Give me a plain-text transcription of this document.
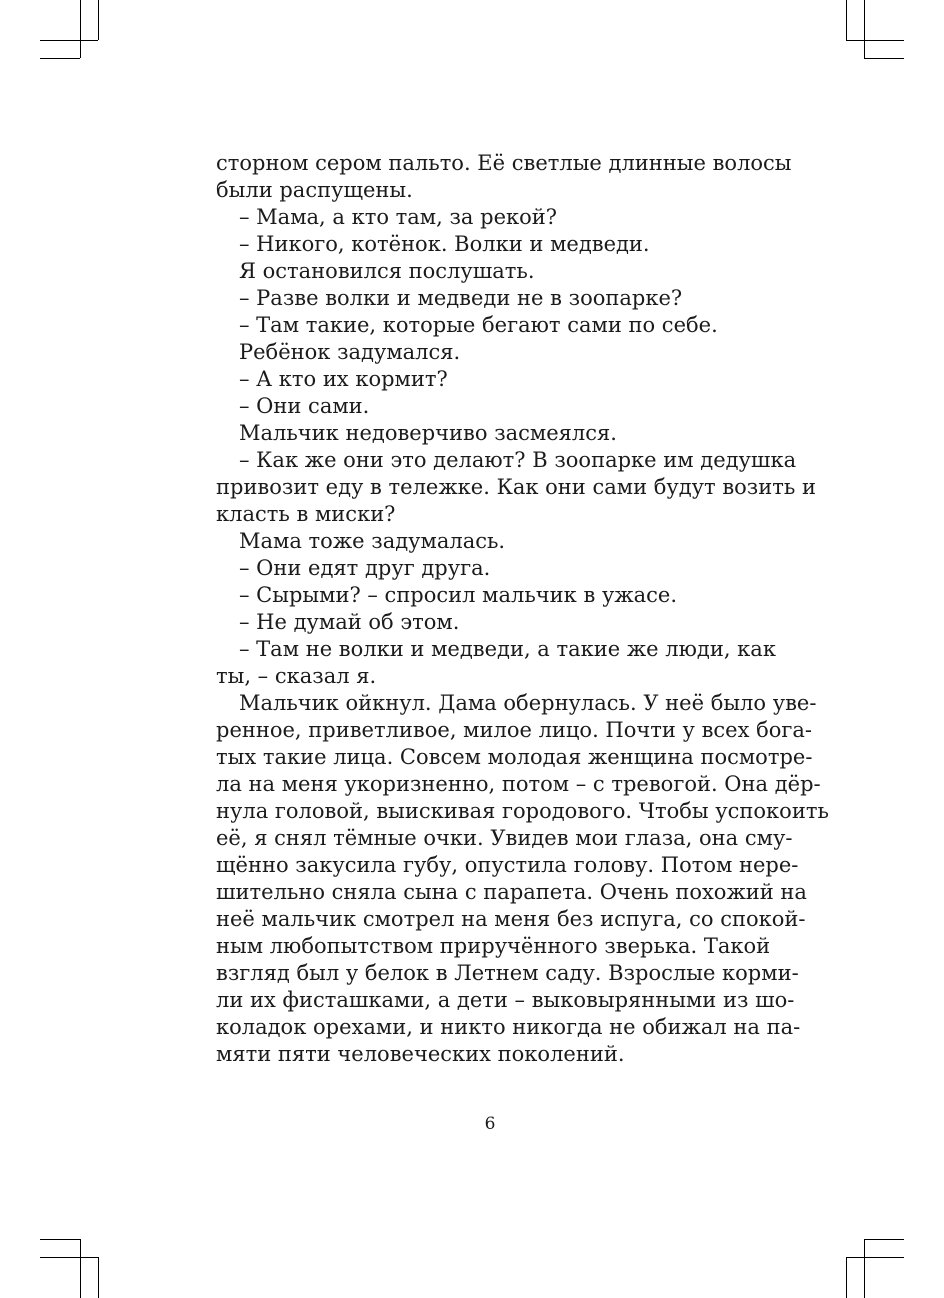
сторном сером пальто. Её светлые длинные волосы
были распущены.
– Мама, а кто там, за рекой?
– Никого, котёнок. Волки и медведи.
Я остановился послушать.
– Разве волки и медведи не в зоопарке?
– Там такие, которые бегают сами по себе.
Ребёнок задумался.
– А кто их кормит?
– Они сами.
Мальчик недоверчиво засмеялся.
– Как же они это делают? В зоопарке им дедушка
привозит еду в тележке. Как они сами будут возить и
класть в миски?
Мама тоже задумалась.
– Они едят друг друга.
– Сырыми? – спросил мальчик в ужасе.
– Не думай об этом.
– Там не волки и медведи, а такие же люди, как
ты, – сказал я.
Мальчик ойкнул. Дама обернулась. У неё было уве-
ренное, приветливое, милое лицо. Почти у всех бога-
тых такие лица. Совсем молодая женщина посмотре-
ла на меня укоризненно, потом – с тревогой. Она дёр-
нула головой, выискивая городового. Чтобы успокоить
её, я снял тёмные очки. Увидев мои глаза, она сму-
щённо закусила губу, опустила голову. Потом нере-
шительно сняла сына с парапета. Очень похожий на
неё мальчик смотрел на меня без испуга, со спокой-
ным любопытством приручённого зверька. Такой
взгляд был у белок в Летнем саду. Взрослые корми-
ли их фисташками, а дети – выковырянными из шо-
коладок орехами, и никто никогда не обижал на па-
мяти пяти человеческих поколений.
6
